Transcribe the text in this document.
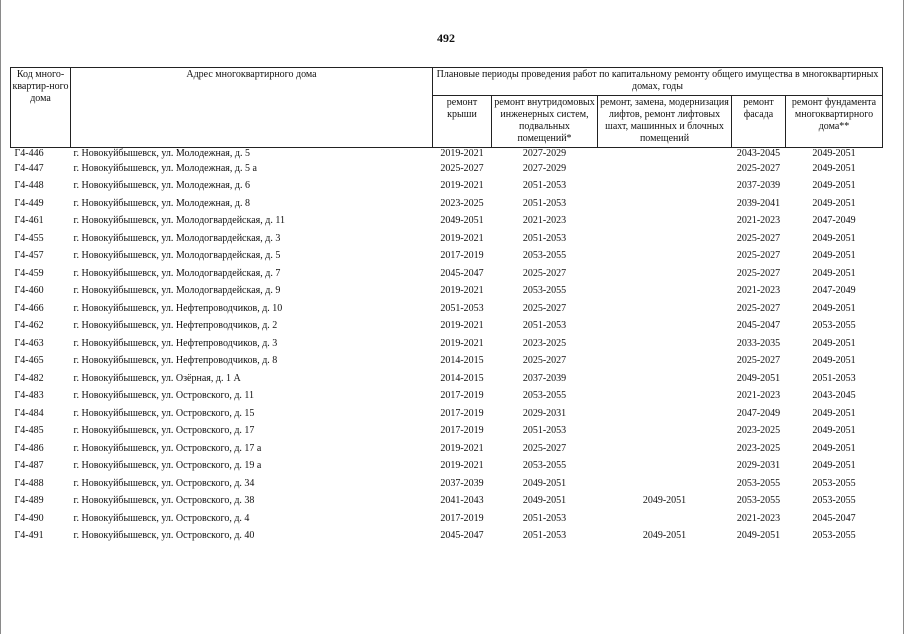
492
Код много-квартир-ного дома	Адрес многоквартирного дома	Плановые периоды проведения работ по капитальному ремонту общего имущества в многоквартирных домах, годы				
		ремонт крыши	ремонт внутридомовых инженерных систем, подвальных помещений*	ремонт, замена, модернизация лифтов, ремонт лифтовых шахт, машинных и блочных помещений	ремонт фасада	ремонт фундамента многоквартирного дома**
Г4-446	г. Новокуйбышевск, ул. Молодежная, д. 5	2019-2021	2027-2029		2043-2045	2049-2051
Г4-447	г. Новокуйбышевск, ул. Молодежная, д. 5 а	2025-2027	2027-2029		2025-2027	2049-2051
Г4-448	г. Новокуйбышевск, ул. Молодежная, д. 6	2019-2021	2051-2053		2037-2039	2049-2051
Г4-449	г. Новокуйбышевск, ул. Молодежная, д. 8	2023-2025	2051-2053		2039-2041	2049-2051
Г4-461	г. Новокуйбышевск, ул. Молодогвардейская, д. 11	2049-2051	2021-2023		2021-2023	2047-2049
Г4-455	г. Новокуйбышевск, ул. Молодогвардейская, д. 3	2019-2021	2051-2053		2025-2027	2049-2051
Г4-457	г. Новокуйбышевск, ул. Молодогвардейская, д. 5	2017-2019	2053-2055		2025-2027	2049-2051
Г4-459	г. Новокуйбышевск, ул. Молодогвардейская, д. 7	2045-2047	2025-2027		2025-2027	2049-2051
Г4-460	г. Новокуйбышевск, ул. Молодогвардейская, д. 9	2019-2021	2053-2055		2021-2023	2047-2049
Г4-466	г. Новокуйбышевск, ул. Нефтепроводчиков, д. 10	2051-2053	2025-2027		2025-2027	2049-2051
Г4-462	г. Новокуйбышевск, ул. Нефтепроводчиков, д. 2	2019-2021	2051-2053		2045-2047	2053-2055
Г4-463	г. Новокуйбышевск, ул. Нефтепроводчиков, д. 3	2019-2021	2023-2025		2033-2035	2049-2051
Г4-465	г. Новокуйбышевск, ул. Нефтепроводчиков, д. 8	2014-2015	2025-2027		2025-2027	2049-2051
Г4-482	г. Новокуйбышевск, ул. Озёрная, д. 1 А	2014-2015	2037-2039		2049-2051	2051-2053
Г4-483	г. Новокуйбышевск, ул. Островского, д. 11	2017-2019	2053-2055		2021-2023	2043-2045
Г4-484	г. Новокуйбышевск, ул. Островского, д. 15	2017-2019	2029-2031		2047-2049	2049-2051
Г4-485	г. Новокуйбышевск, ул. Островского, д. 17	2017-2019	2051-2053		2023-2025	2049-2051
Г4-486	г. Новокуйбышевск, ул. Островского, д. 17 а	2019-2021	2025-2027		2023-2025	2049-2051
Г4-487	г. Новокуйбышевск, ул. Островского, д. 19 а	2019-2021	2053-2055		2029-2031	2049-2051
Г4-488	г. Новокуйбышевск, ул. Островского, д. 34	2037-2039	2049-2051		2053-2055	2053-2055
Г4-489	г. Новокуйбышевск, ул. Островского, д. 38	2041-2043	2049-2051	2049-2051	2053-2055	2053-2055
Г4-490	г. Новокуйбышевск, ул. Островского, д. 4	2017-2019	2051-2053		2021-2023	2045-2047
Г4-491	г. Новокуйбышевск, ул. Островского, д. 40	2045-2047	2051-2053	2049-2051	2049-2051	2053-2055
